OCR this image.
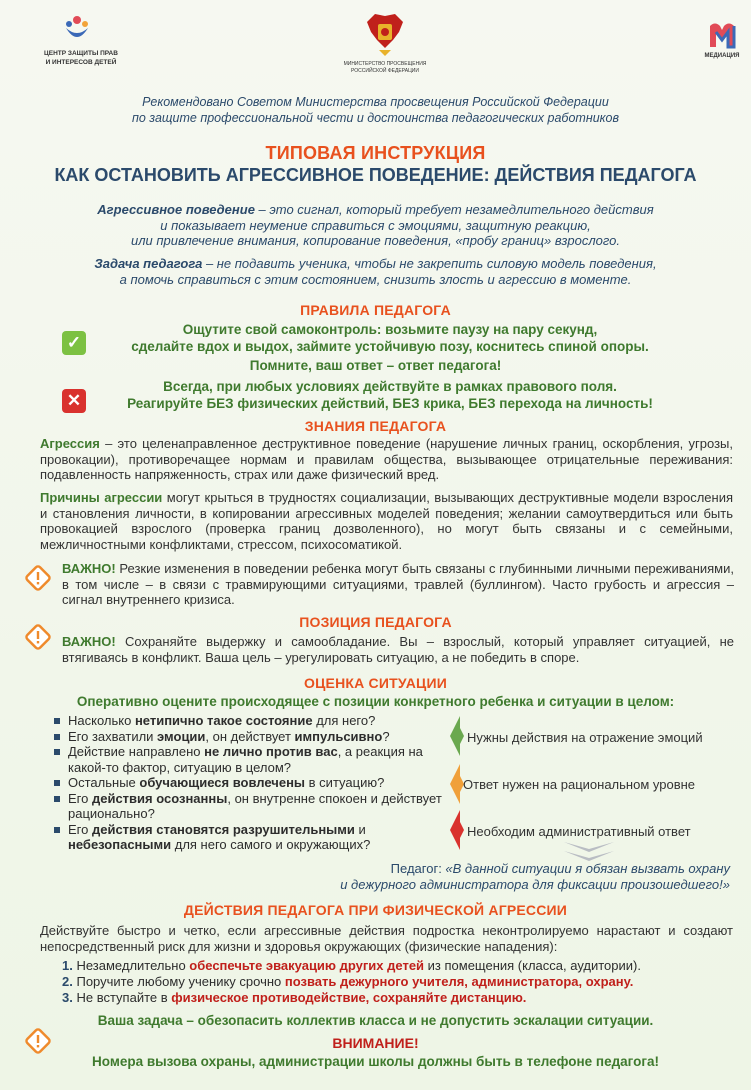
ЦЕНТР ЗАЩИТЫ ПРАВ
И ИНТЕРЕСОВ ДЕТЕЙ	МИНИСТЕРСТВО ПРОСВЕЩЕНИЯ
РОССИЙСКОЙ ФЕДЕРАЦИИ
МЕДИАЦИЯ
Рекомендовано Советом Министерства просвещения Российской Федерации
по защите профессиональной чести и достоинства педагогических работников
ТИПОВАЯ ИНСТРУКЦИЯ
КАК ОСТАНОВИТЬ АГРЕССИВНОЕ ПОВЕДЕНИЕ: ДЕЙСТВИЯ ПЕДАГОГА
Агрессивное поведение – это сигнал, который требует незамедлительного действия
и показывает неумение справиться с эмоциями, защитную реакцию,
или привлечение внимания, копирование поведения, «пробу границ» взрослого.
Задача педагога – не подавить ученика, чтобы не закрепить силовую модель поведения,
а помочь справиться с этим состоянием, снизить злость и агрессию в моменте.
ПРАВИЛА ПЕДАГОГА
✓
Ощутите свой самоконтроль: возьмите паузу на пару секунд,
сделайте вдох и выдох, займите устойчивую позу, коснитесь спиной опоры.
Помните, ваш ответ – ответ педагога!
✕
Всегда, при любых условиях действуйте в рамках правового поля.
Реагируйте БЕЗ физических действий, БЕЗ крика, БЕЗ перехода на личность!
ЗНАНИЯ ПЕДАГОГА
Агрессия – это целенаправленное деструктивное поведение (нарушение личных границ, оскорбления, угрозы, провокации), противоречащее нормам и правилам общества, вызывающее отрицательные переживания: подавленность напряженность, страх или даже физический вред.
Причины агрессии могут крыться в трудностях социализации, вызывающих деструктивные модели взросления и становления личности, в копировании агрессивных моделей поведения; желании самоутвердиться или быть провокацией взрослого (проверка границ дозволенного), но могут быть связаны и с семейными, межличностными конфликтами, стрессом, психосоматикой.
ВАЖНО! Резкие изменения в поведении ребенка могут быть связаны с глубинными личными переживаниями, в том числе – в связи с травмирующими ситуациями, травлей (буллингом). Часто грубость и агрессия – сигнал внутреннего кризиса.
ПОЗИЦИЯ ПЕДАГОГА
ВАЖНО! Сохраняйте выдержку и самообладание. Вы – взрослый, который управляет ситуацией, не втягиваясь в конфликт. Ваша цель – урегулировать ситуацию, а не победить в споре.
ОЦЕНКА СИТУАЦИИ
Оперативно оцените происходящее с позиции конкретного ребенка и ситуации в целом:
Насколько нетипично такое состояние для него?
Его захватили эмоции, он действует импульсивно?
Действие направлено не лично против вас, а реакция на какой-то фактор, ситуацию в целом?
Остальные обучающиеся вовлечены в ситуацию?
Его действия осознанны, он внутренне спокоен и действует рационально?
Его действия становятся разрушительными и небезопасными для него самого и окружающих?
Нужны действия на отражение эмоций
Ответ нужен на рациональном уровне
Необходим административный ответ
Педагог: «В данной ситуации я обязан вызвать охрану
и дежурного администратора для фиксации произошедшего!»
ДЕЙСТВИЯ ПЕДАГОГА ПРИ ФИЗИЧЕСКОЙ АГРЕССИИ
Действуйте быстро и четко, если агрессивные действия подростка неконтролируемо нарастают и создают непосредственный риск для жизни и здоровья окружающих (физические нападения):
1. Незамедлительно обеспечьте эвакуацию других детей из помещения (класса, аудитории).
2. Поручите любому ученику срочно позвать дежурного учителя, администратора, охрану.
3. Не вступайте в физическое противодействие, сохраняйте дистанцию.
Ваша задача – обезопасить коллектив класса и не допустить эскалации ситуации.
ВНИМАНИЕ!
Номера вызова охраны, администрации школы должны быть в телефоне педагога!
